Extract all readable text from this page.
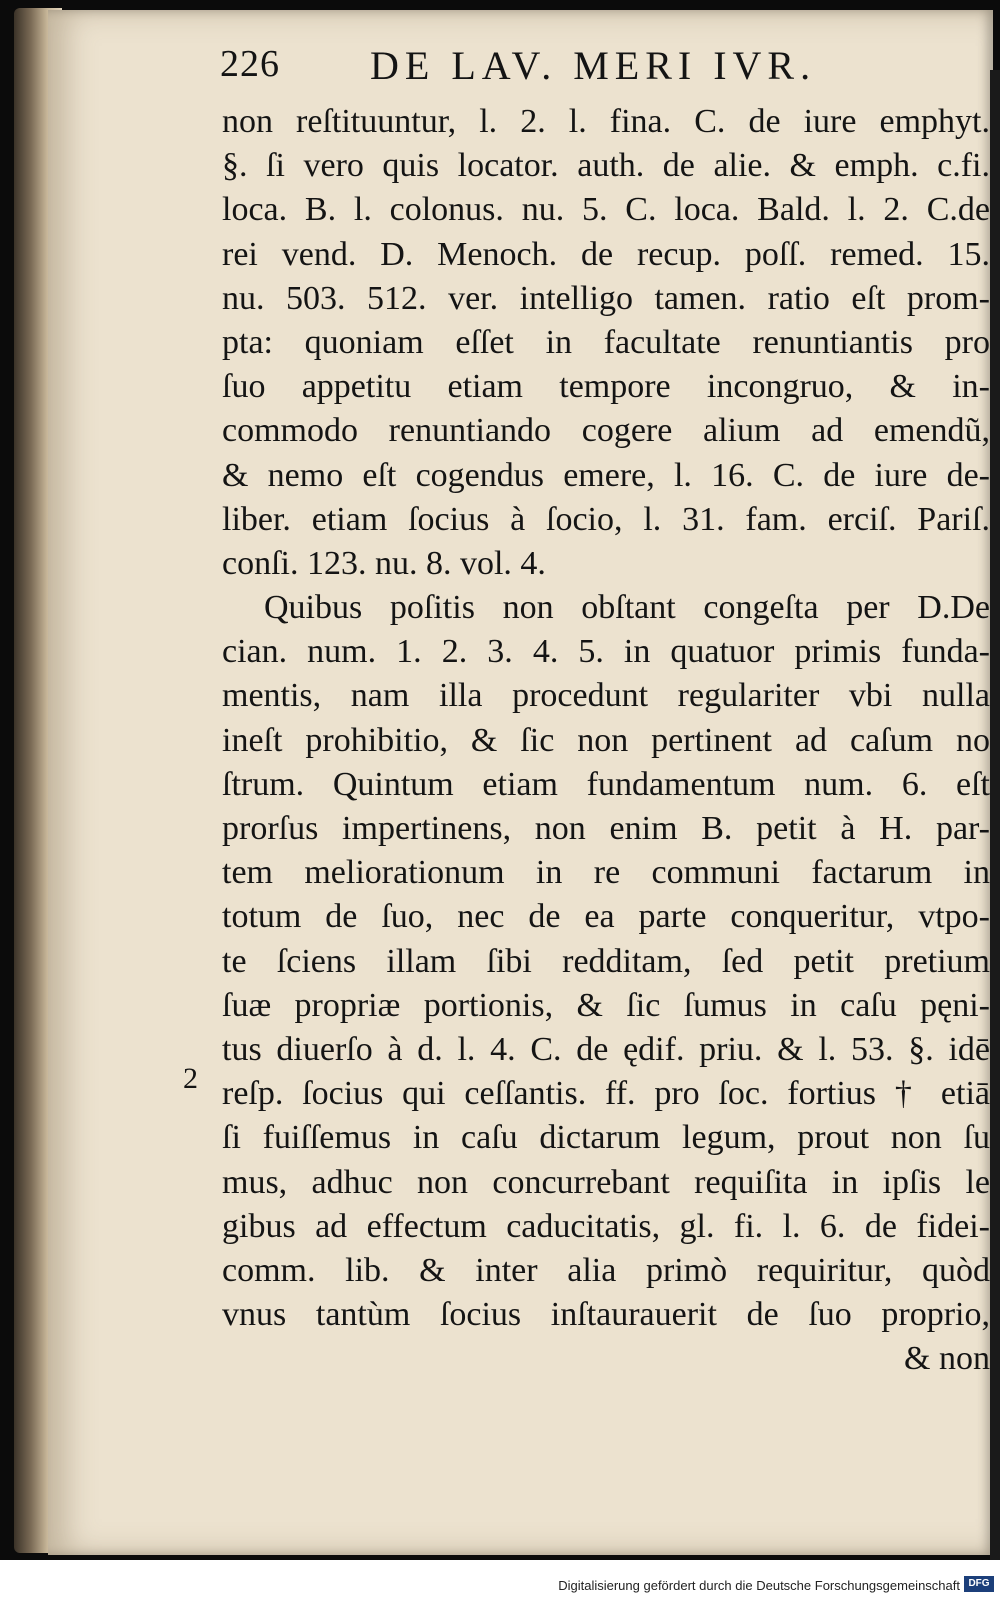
226 DE LAV. MERI IVR.
non reſtituuntur, l. 2. l. fina. C. de iure emphyt.
§. ſi vero quis locator. auth. de alie. & emph. c.fi.
loca. B. l. colonus. nu. 5. C. loca. Bald. l. 2. C.de
rei vend. D. Menoch. de recup. poſſ. remed. 15.
nu. 503. 512. ver. intelligo tamen. ratio eſt prom-
pta: quoniam eſſet in facultate renuntiantis pro
ſuo appetitu etiam tempore incongruo, & in-
commodo renuntiando cogere alium ad emendũ,
& nemo eſt cogendus emere, l. 16. C. de iure de-
liber. etiam ſocius à ſocio, l. 31. fam. erciſ. Pariſ.
conſi. 123. nu. 8. vol. 4.
Quibus poſitis non obſtant congeſta per D.De
cian. num. 1. 2. 3. 4. 5. in quatuor primis funda-
mentis, nam illa procedunt regulariter vbi nulla
ineſt prohibitio, & ſic non pertinent ad caſum no
ſtrum. Quintum etiam fundamentum num. 6. eſt
prorſus impertinens, non enim B. petit à H. par-
tem meliorationum in re communi factarum in
totum de ſuo, nec de ea parte conqueritur, vtpo-
te ſciens illam ſibi redditam, ſed petit pretium
ſuæ propriæ portionis, & ſic ſumus in caſu pęni-
tus diuerſo à d. l. 4. C. de ędif. priu. & l. 53. §. idē
reſp. ſocius qui ceſſantis. ff. pro ſoc. fortius † etiā
ſi fuiſſemus in caſu dictarum legum, prout non ſu
mus, adhuc non concurrebant requiſita in ipſis le
gibus ad effectum caducitatis, gl. fi. l. 6. de fidei-
comm. lib. & inter alia primò requiritur, quòd
vnus tantùm ſocius inſtaurauerit de ſuo proprio,
& non
2
Digitalisierung gefördert durch die Deutsche Forschungsgemeinschaft DFG
